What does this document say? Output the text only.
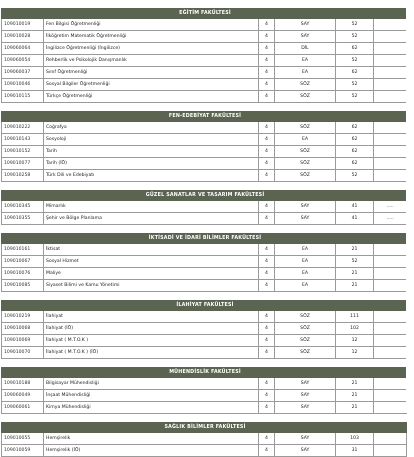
EĞİTİM FAKÜLTESİ					
109010019	Fen Bilgisi Öğretmenliği	4	SAY	52	
109010028	İlköğretim Matematik Öğretmenliği	4	SAY	52	
109060064	İngilizce Öğretmenliği (İngilizce)	4	DİL	62	
109060054	Rehberlik ve Psikolojik Danışmanlık	4	EA	52	
109060037	Sınıf Öğretmenliği	4	EA	62	
109010046	Sosyal Bilgiler Öğretmenliği	4	SÖZ	52	
109010115	Türkçe Öğretmenliği	4	SÖZ	52	

FEN-EDEBİYAT FAKÜLTESİ					
109010222	Coğrafya	4	SÖZ	62	
109010143	Sosyoloji	4	EA	62	
109010152	Tarih	4	SÖZ	62	
109010077	Tarih (İÖ)	4	SÖZ	62	
109010258	Türk Dili ve Edebiyatı	4	SÖZ	52	

GÜZEL SANATLAR VE TASARIM FAKÜLTESİ					
109010345	Mimarlık	4	SAY	41	.....
109010355	Şehir ve Bölge Planlama	4	SAY	41	.....

İKTİSADİ VE İDARİ BİLİMLER FAKÜLTESİ					
109010161	İktisat	4	EA	21	
109010067	Sosyal Hizmet	4	EA	52	
109010076	Maliye	4	EA	21	
109010085	Siyaset Bilimi ve Kamu Yönetimi	4	EA	21	

İLAHİYAT FAKÜLTESİ					
109010219	İlahiyat	4	SÖZ	111	
109010068	İlahiyat (İÖ)	4	SÖZ	102	
109010069	İlahiyat ( M.T.O.K )	4	SÖZ	12	
109010070	İlahiyat ( M.T.O.K ) (İÖ)	4	SÖZ	12	

MÜHENDİSLİK FAKÜLTESİ					
109010188	Bilgisayar Mühendisliği	4	SAY	21	
109060049	İnşaat Mühendisliği	4	SAY	21	
109060061	Kimya Mühendisliği	4	SAY	21	

SAĞLIK BİLİMLER FAKÜLTESİ					
109010055	Hemşirelik	4	SAY	103	
109010059	Hemşirelik (İÖ)	4	SAY	31	
